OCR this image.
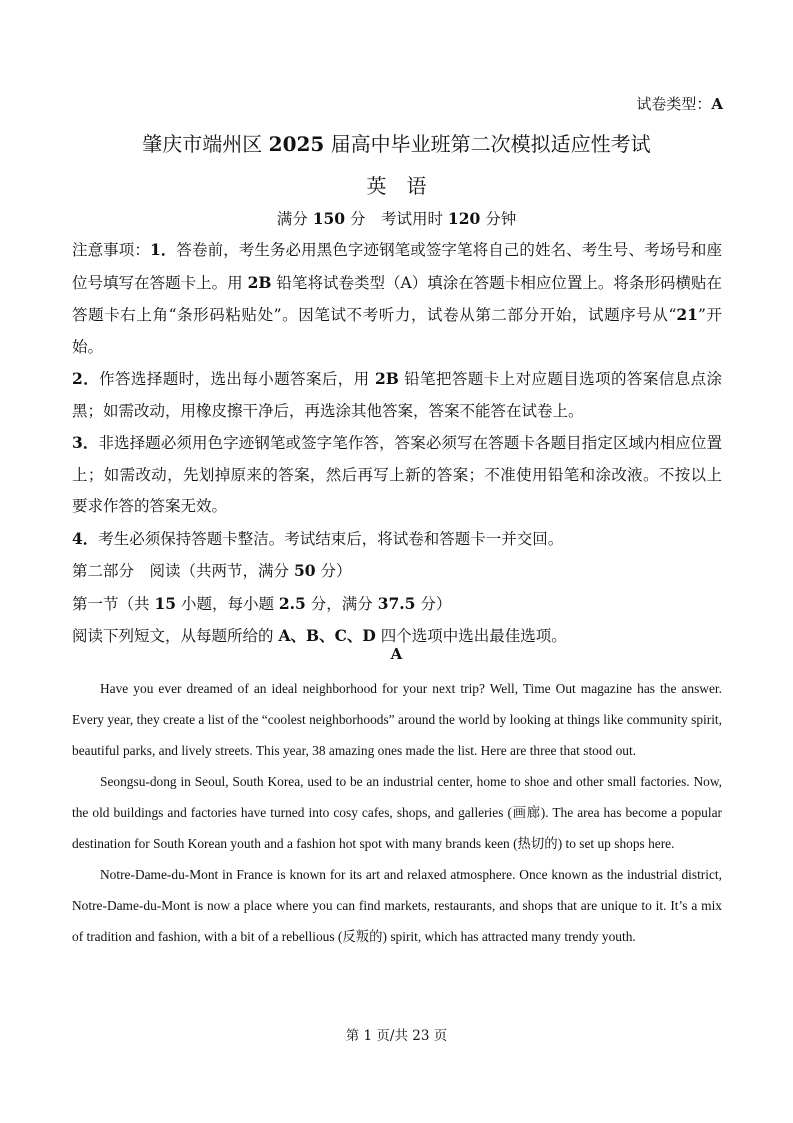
试卷类型：A
肇庆市端州区 2025 届高中毕业班第二次模拟适应性考试
英语
满分 150 分　考试用时 120 分钟

注意事项：1．答卷前，考生务必用黑色字迹钢笔或签字笔将自己的姓名、考生号、考场号和座位号填写在答题卡上。用 2B 铅笔将试卷类型（A）填涂在答题卡相应位置上。将条形码横贴在答题卡右上角“条形码粘贴处”。因笔试不考听力，试卷从第二部分开始，试题序号从“21”开始。

2．作答选择题时，选出每小题答案后，用 2B 铅笔把答题卡上对应题目选项的答案信息点涂黑；如需改动，用橡皮擦干净后，再选涂其他答案，答案不能答在试卷上。

3．非选择题必须用色字迹钢笔或签字笔作答，答案必须写在答题卡各题目指定区域内相应位置上；如需改动，先划掉原来的答案，然后再写上新的答案；不准使用铅笔和涂改液。不按以上要求作答的答案无效。

4．考生必须保持答题卡整洁。考试结束后，将试卷和答题卡一并交回。

第二部分　阅读（共两节，满分 50 分）

第一节（共 15 小题，每小题 2.5 分，满分 37.5 分）

阅读下列短文，从每题所给的 A、B、C、D 四个选项中选出最佳选项。

A

Have you ever dreamed of an ideal neighborhood for your next trip? Well, Time Out magazine has the answer. Every year, they create a list of the “coolest neighborhoods” around the world by looking at things like community spirit, beautiful parks, and lively streets. This year, 38 amazing ones made the list. Here are three that stood out.

Seongsu-dong in Seoul, South Korea, used to be an industrial center, home to shoe and other small factories. Now, the old buildings and factories have turned into cosy cafes, shops, and galleries (画廊). The area has become a popular destination for South Korean youth and a fashion hot spot with many brands keen (热切的) to set up shops here.

Notre-Dame-du-Mont in France is known for its art and relaxed atmosphere. Once known as the industrial district, Notre-Dame-du-Mont is now a place where you can find markets, restaurants, and shops that are unique to it. It’s a mix of tradition and fashion, with a bit of a rebellious (反叛的) spirit, which has attracted many trendy youth.

第 1 页/共 23 页
